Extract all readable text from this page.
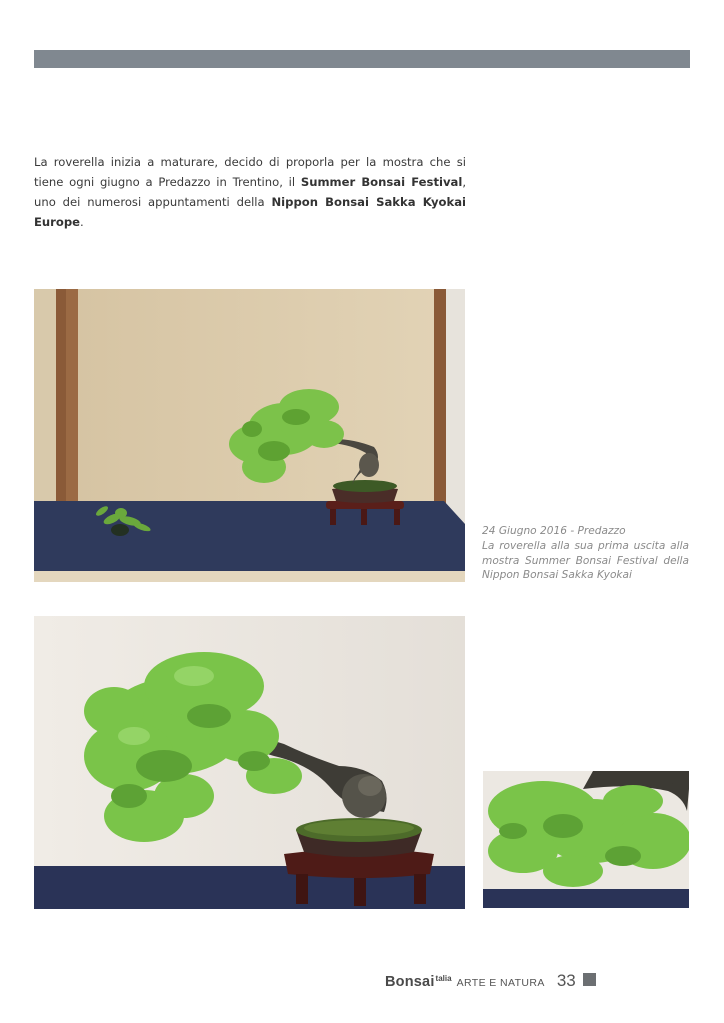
La roverella inizia a maturare, decido di proporla per la mostra che si tiene ogni giugno a Predazzo in Trentino, il Summer Bonsai Festival, uno dei numerosi appuntamenti della Nippon Bonsai Sakka Kyokai Europe.

24 Giugno 2016 - Predazzo
La roverella alla sua prima uscita alla mostra Summer Bonsai Festival della Nippon Bonsai Sakka Kyokai
Bonsai talia ARTE E NATURA 33
